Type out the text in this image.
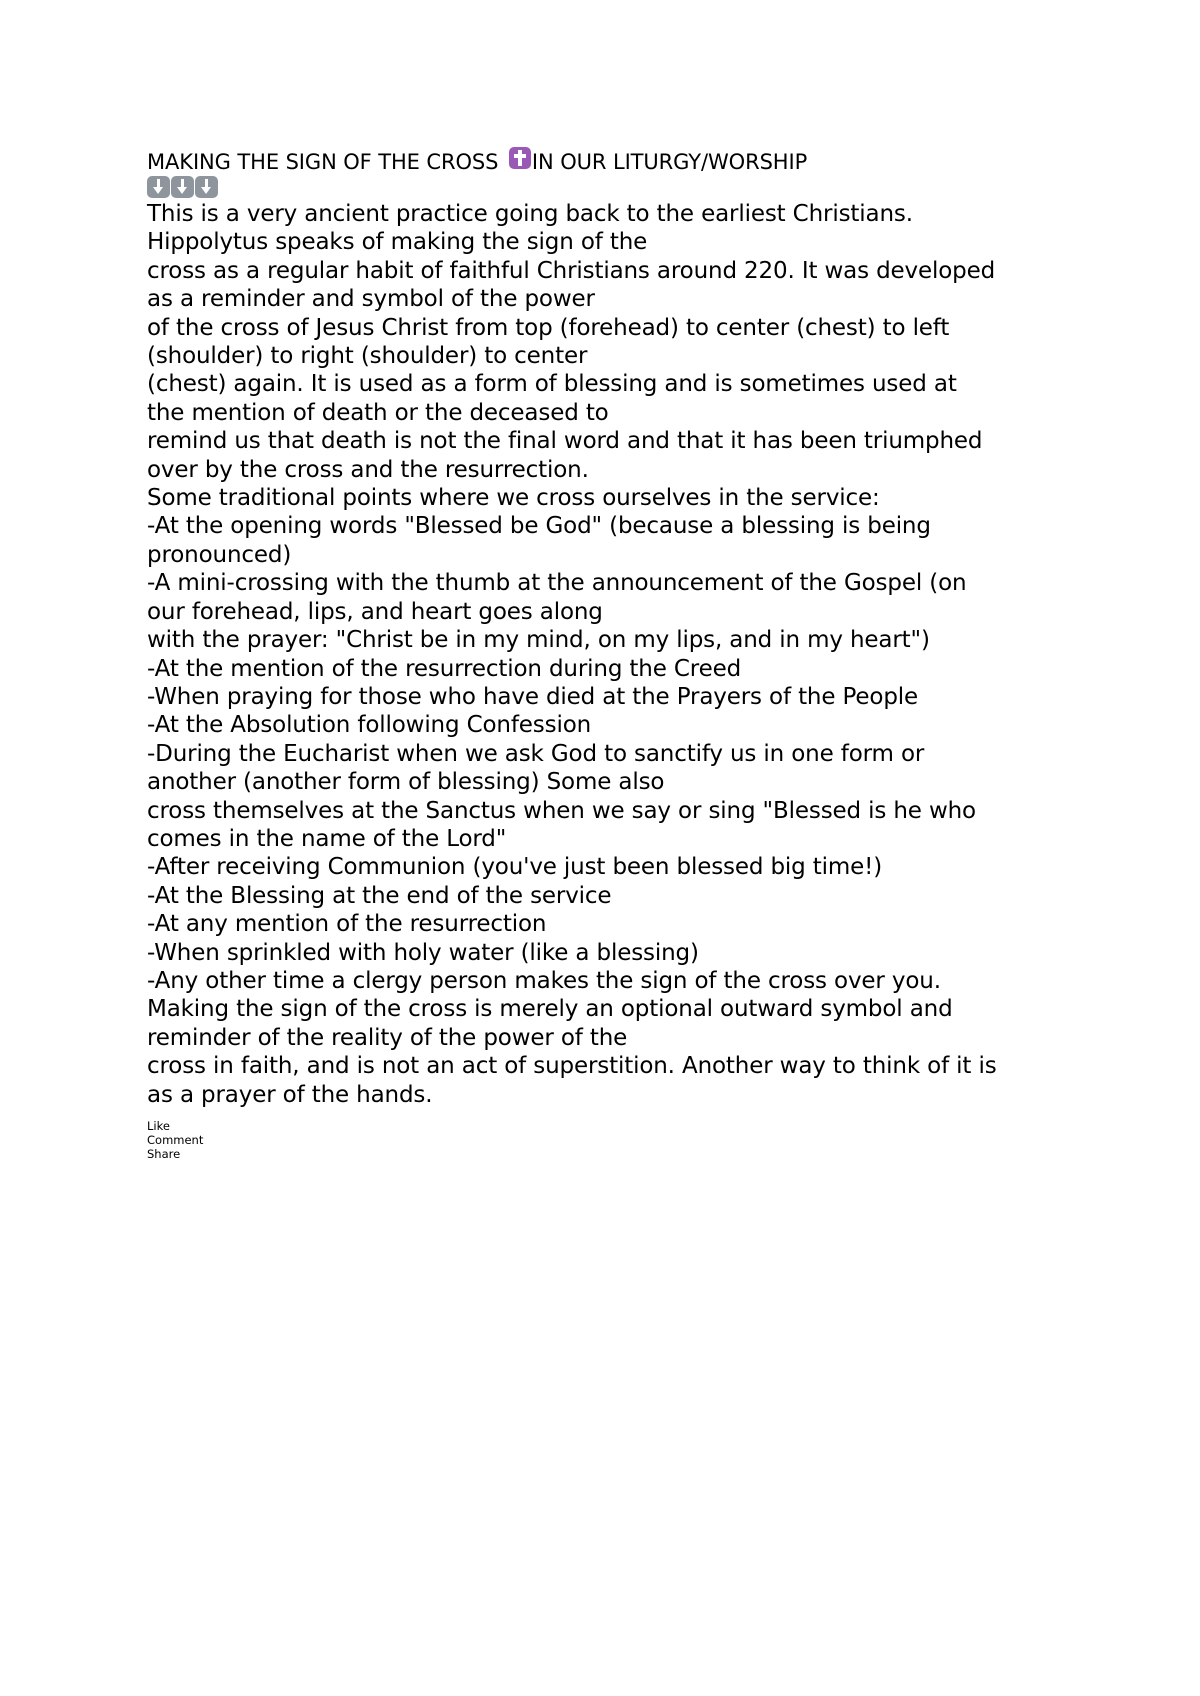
MAKING THE SIGN OF THE CROSS IN OUR LITURGY/WORSHIP
This is a very ancient practice going back to the earliest Christians.
Hippolytus speaks of making the sign of the
cross as a regular habit of faithful Christians around 220. It was developed
as a reminder and symbol of the power
of the cross of Jesus Christ from top (forehead) to center (chest) to left
(shoulder) to right (shoulder) to center
(chest) again. It is used as a form of blessing and is sometimes used at
the mention of death or the deceased to
remind us that death is not the final word and that it has been triumphed
over by the cross and the resurrection.
Some traditional points where we cross ourselves in the service:
-At the opening words "Blessed be God" (because a blessing is being
pronounced)
-A mini-crossing with the thumb at the announcement of the Gospel (on
our forehead, lips, and heart goes along
with the prayer: "Christ be in my mind, on my lips, and in my heart")
-At the mention of the resurrection during the Creed
-When praying for those who have died at the Prayers of the People
-At the Absolution following Confession
-During the Eucharist when we ask God to sanctify us in one form or
another (another form of blessing) Some also
cross themselves at the Sanctus when we say or sing "Blessed is he who
comes in the name of the Lord"
-After receiving Communion (you've just been blessed big time!)
-At the Blessing at the end of the service
-At any mention of the resurrection
-When sprinkled with holy water (like a blessing)
-Any other time a clergy person makes the sign of the cross over you.
Making the sign of the cross is merely an optional outward symbol and
reminder of the reality of the power of the
cross in faith, and is not an act of superstition. Another way to think of it is
as a prayer of the hands.
Like
Comment
Share
